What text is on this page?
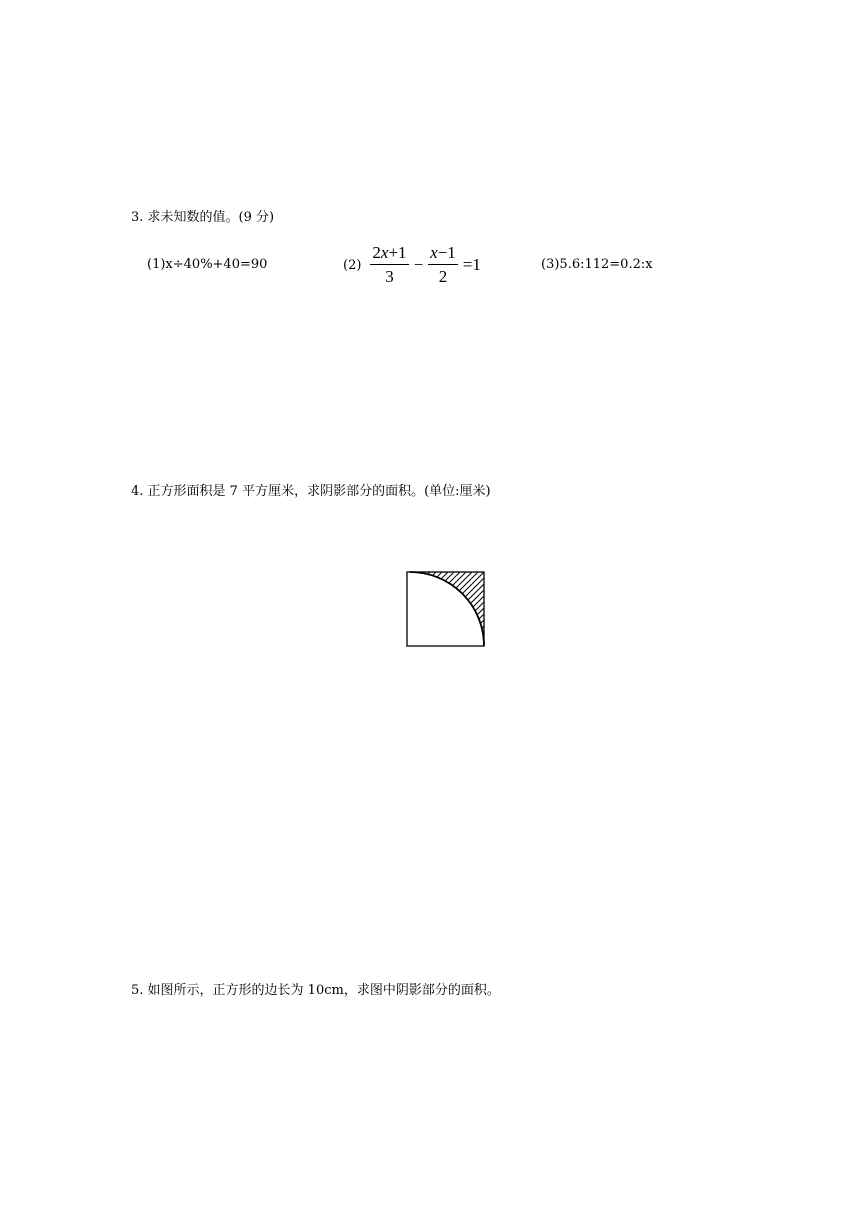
3. 求未知数的值。(9 分)
(1)x÷40%+40=90	$(2) \frac{2x+1}{3} - \frac{x-1}{2} =1$	(3)5.6:112=0.2:x
4. 正方形面积是 7 平方厘米，求阴影部分的面积。(单位:厘米)
5. 如图所示，正方形的边长为 10cm，求图中阴影部分的面积。
